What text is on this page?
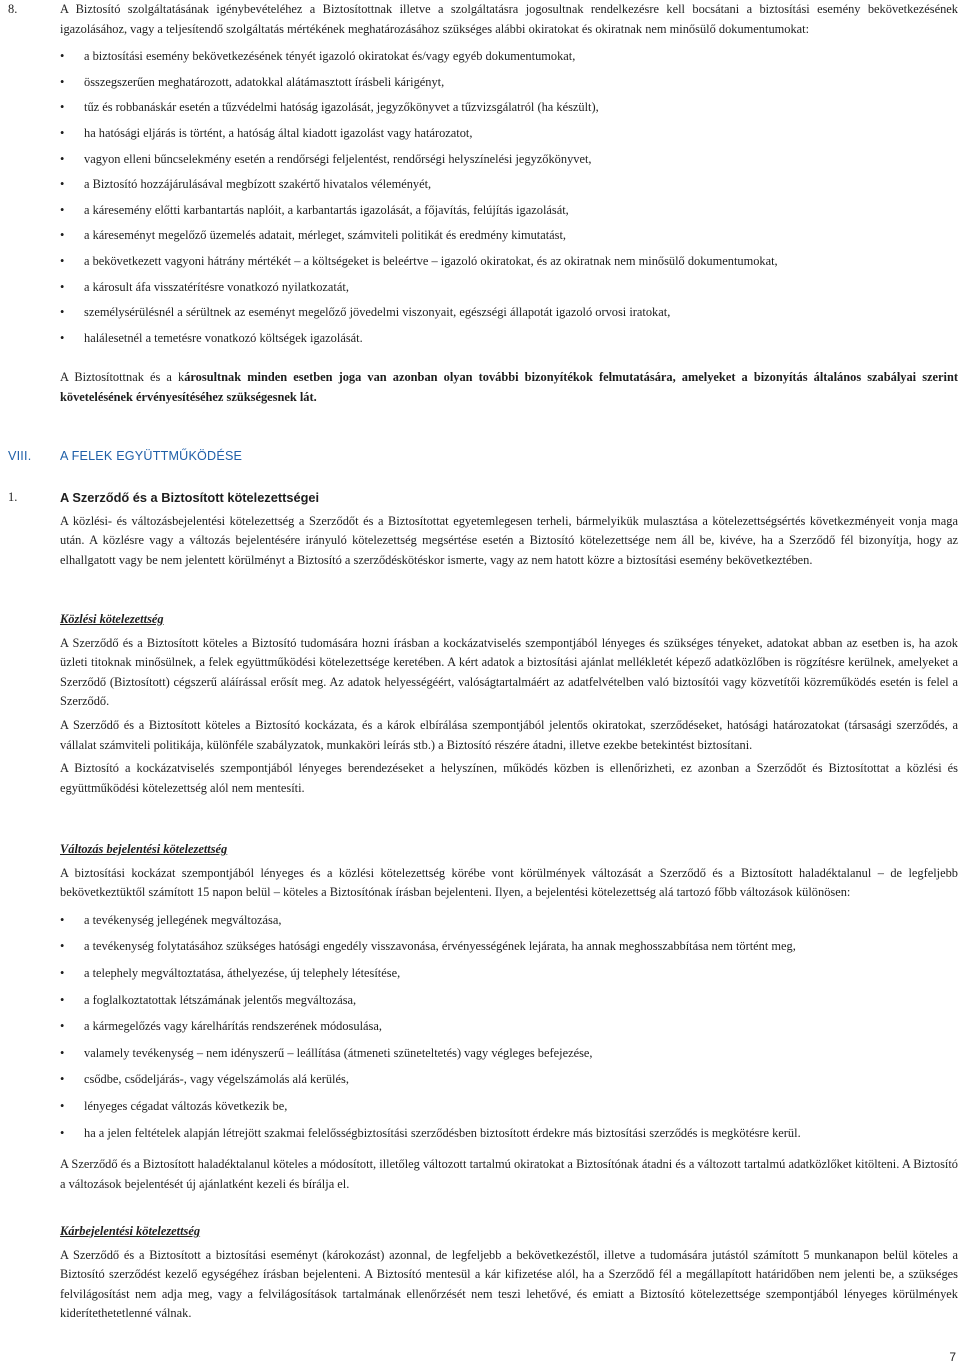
8.	A Biztosító szolgáltatásának igénybevételéhez a Biztosítottnak illetve a szolgáltatásra jogosultnak rendelkezésre kell bocsátani a biztosítási esemény bekövetkezésének igazolásához, vagy a teljesítendő szolgáltatás mértékének meghatározásához szükséges alábbi okiratokat és okiratnak nem minősülő dokumentumokat:

• a biztosítási esemény bekövetkezésének tényét igazoló okiratokat és/vagy egyéb dokumentumokat,
• összegszerűen meghatározott, adatokkal alátámasztott írásbeli kárigényt,
• tűz és robbanáskár esetén a tűzvédelmi hatóság igazolását, jegyzőkönyvet a tűzvizsgálatról (ha készült),
• ha hatósági eljárás is történt, a hatóság által kiadott igazolást vagy határozatot,
• vagyon elleni bűncselekmény esetén a rendőrségi feljelentést, rendőrségi helyszínelési jegyzőkönyvet,
• a Biztosító hozzájárulásával megbízott szakértő hivatalos véleményét,
• a káresemény előtti karbantartás naplóit, a karbantartás igazolását, a főjavítás, felújítás igazolását,
• a káreseményt megelőző üzemelés adatait, mérleget, számviteli politikát és eredmény kimutatást,
• a bekövetkezett vagyoni hátrány mértékét – a költségeket is beleértve – igazoló okiratokat, és az okiratnak nem minősülő dokumentumokat,
• a károsult áfa visszatérítésre vonatkozó nyilatkozatát,
• személysérülésnél a sérültnek az eseményt megelőző jövedelmi viszonyait, egészségi állapotát igazoló orvosi iratokat,
• halálesetnél a temetésre vonatkozó költségek igazolását.

A Biztosítottnak és a károsultnak minden esetben joga van azonban olyan további bizonyítékok felmutatására, amelyeket a bizonyítás általános szabályai szerint követelésének érvényesítéséhez szükségesnek lát.

VIII. A FELEK EGYÜTTMŰKÖDÉSE
1.	A Szerződő és a Biztosított kötelezettségei

A közlési- és változásbejelentési kötelezettség a Szerződőt és a Biztosítottat egyetemlegesen terheli, bármelyikük mulasztása a kötelezettségsértés következményeit vonja maga után. A közlésre vagy a változás bejelentésére irányuló kötelezettség megsértése esetén a Biztosító kötelezettsége nem áll be, kivéve, ha a Szerződő fél bizonyítja, hogy az elhallgatott vagy be nem jelentett körülményt a Biztosító a szerződéskötéskor ismerte, vagy az nem hatott közre a biztosítási esemény bekövetkeztében.

Közlési kötelezettség

A Szerződő és a Biztosított köteles a Biztosító tudomására hozni írásban a kockázatviselés szempontjából lényeges és szükséges tényeket, adatokat abban az esetben is, ha azok üzleti titoknak minősülnek, a felek együttműködési kötelezettsége keretében. A kért adatok a biztosítási ajánlat mellékletét képező adatközlőben is rögzítésre kerülnek, amelyeket a Szerződő (Biztosított) cégszerű aláírással erősít meg. Az adatok helyességéért, valóságtartalmáért az adatfelvételben való biztosítói vagy közvetítői közreműködés esetén is felel a Szerződő.

A Szerződő és a Biztosított köteles a Biztosító kockázata, és a károk elbírálása szempontjából jelentős okiratokat, szerződéseket, hatósági határozatokat (társasági szerződés, a vállalat számviteli politikája, különféle szabályzatok, munkaköri leírás stb.) a Biztosító részére átadni, illetve ezekbe betekintést biztosítani.

A Biztosító a kockázatviselés szempontjából lényeges berendezéseket a helyszínen, működés közben is ellenőrizheti, ez azonban a Szerződőt és Biztosítottat a közlési és együttműködési kötelezettség alól nem mentesíti.

Változás bejelentési kötelezettség

A biztosítási kockázat szempontjából lényeges és a közlési kötelezettség körébe vont körülmények változását a Szerződő és a Biztosított haladéktalanul – de legfeljebb bekövetkeztüktől számított 15 napon belül – köteles a Biztosítónak írásban bejelenteni. Ilyen, a bejelentési kötelezettség alá tartozó főbb változások különösen:

• a tevékenység jellegének megváltozása,
• a tevékenység folytatásához szükséges hatósági engedély visszavonása, érvényességének lejárata, ha annak meghosszabbítása nem történt meg,
• a telephely megváltoztatása, áthelyezése, új telephely létesítése,
• a foglalkoztatottak létszámának jelentős megváltozása,
• a kármegelőzés vagy kárelhárítás rendszerének módosulása,
• valamely tevékenység – nem idényszerű – leállítása (átmeneti szüneteltetés) vagy végleges befejezése,
• csődbe, csődeljárás-, vagy végelszámolás alá kerülés,
• lényeges cégadat változás következik be,
• ha a jelen feltételek alapján létrejött szakmai felelősségbiztosítási szerződésben biztosított érdekre más biztosítási szerződés is megkötésre kerül.

A Szerződő és a Biztosított haladéktalanul köteles a módosított, illetőleg változott tartalmú okiratokat a Biztosítónak átadni és a változott tartalmú adatközlőket kitölteni. A Biztosító a változások bejelentését új ajánlatként kezeli és bírálja el.

Kárbejelentési kötelezettség

A Szerződő és a Biztosított a biztosítási eseményt (károkozást) azonnal, de legfeljebb a bekövetkezéstől, illetve a tudomására jutástól számított 5 munkanapon belül köteles a Biztosító szerződést kezelő egységéhez írásban bejelenteni. A Biztosító mentesül a kár kifizetése alól, ha a Szerződő fél a megállapított határidőben nem jelenti be, a szükséges felvilágosítást nem adja meg, vagy a felvilágosítások tartalmának ellenőrzését nem teszi lehetővé, és emiatt a Biztosító kötelezettsége szempontjából lényeges körülmények kiderítethetetlenné válnak.

7
